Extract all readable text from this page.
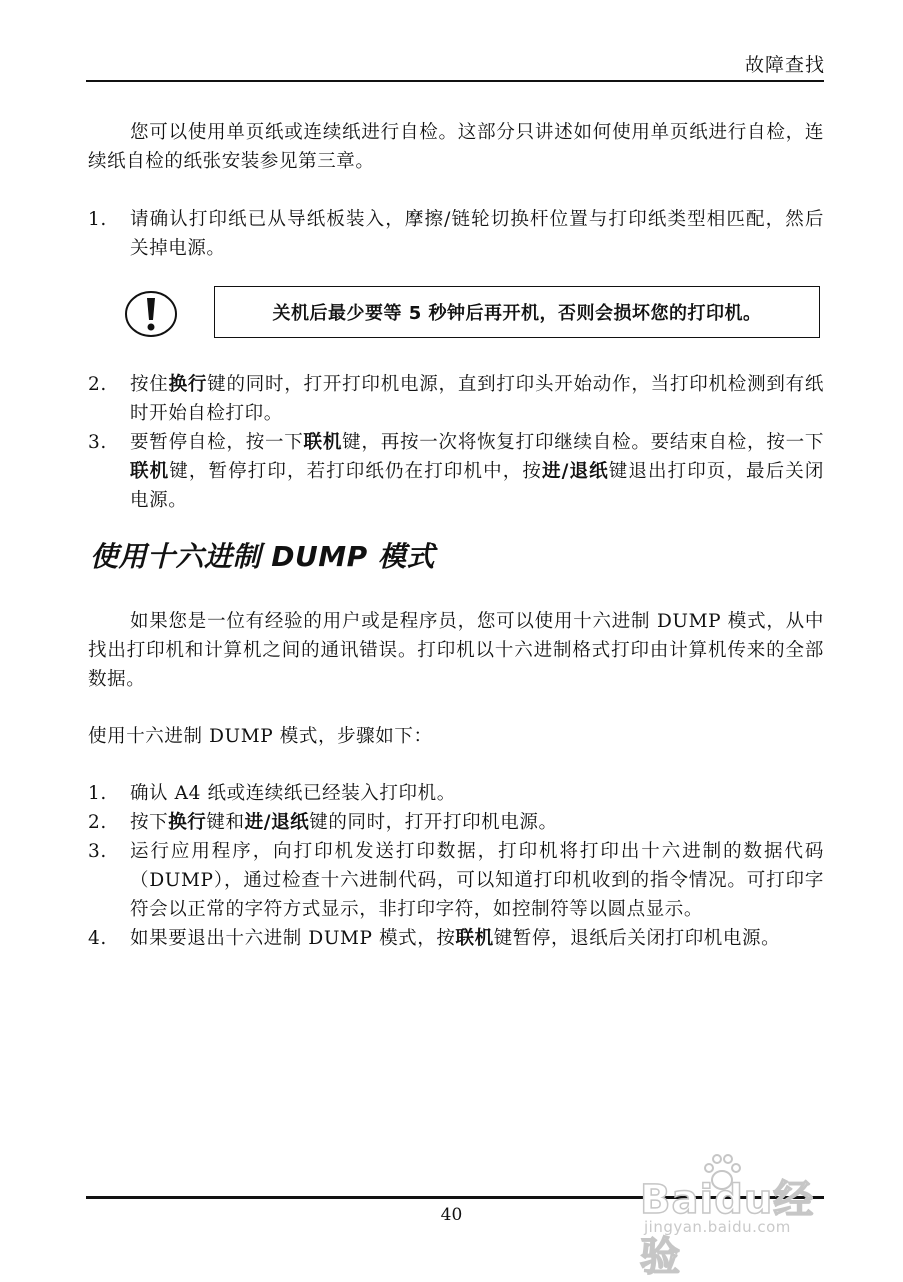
故障查找
您可以使用单页纸或连续纸进行自检。这部分只讲述如何使用单页纸进行自检，连续纸自检的纸张安装参见第三章。
1.	请确认打印纸已从导纸板装入，摩擦/链轮切换杆位置与打印纸类型相匹配，然后关掉电源。
关机后最少要等 5 秒钟后再开机，否则会损坏您的打印机。
2.	按住换行键的同时，打开打印机电源，直到打印头开始动作，当打印机检测到有纸时开始自检打印。
3.	要暂停自检，按一下联机键，再按一次将恢复打印继续自检。要结束自检，按一下联机键，暂停打印，若打印纸仍在打印机中，按进/退纸键退出打印页，最后关闭电源。
使用十六进制 DUMP 模式
如果您是一位有经验的用户或是程序员，您可以使用十六进制 DUMP 模式，从中找出打印机和计算机之间的通讯错误。打印机以十六进制格式打印由计算机传来的全部数据。
使用十六进制 DUMP 模式，步骤如下：
1.	确认 A4 纸或连续纸已经装入打印机。
2.	按下换行键和进/退纸键的同时，打开打印机电源。
3.	运行应用程序，向打印机发送打印数据，打印机将打印出十六进制的数据代码（DUMP），通过检查十六进制代码，可以知道打印机收到的指令情况。可打印字符会以正常的字符方式显示，非打印字符，如控制符等以圆点显示。
4.	如果要退出十六进制 DUMP 模式，按联机键暂停，退纸后关闭打印机电源。
40	Baidu经验
jingyan.baidu.com
